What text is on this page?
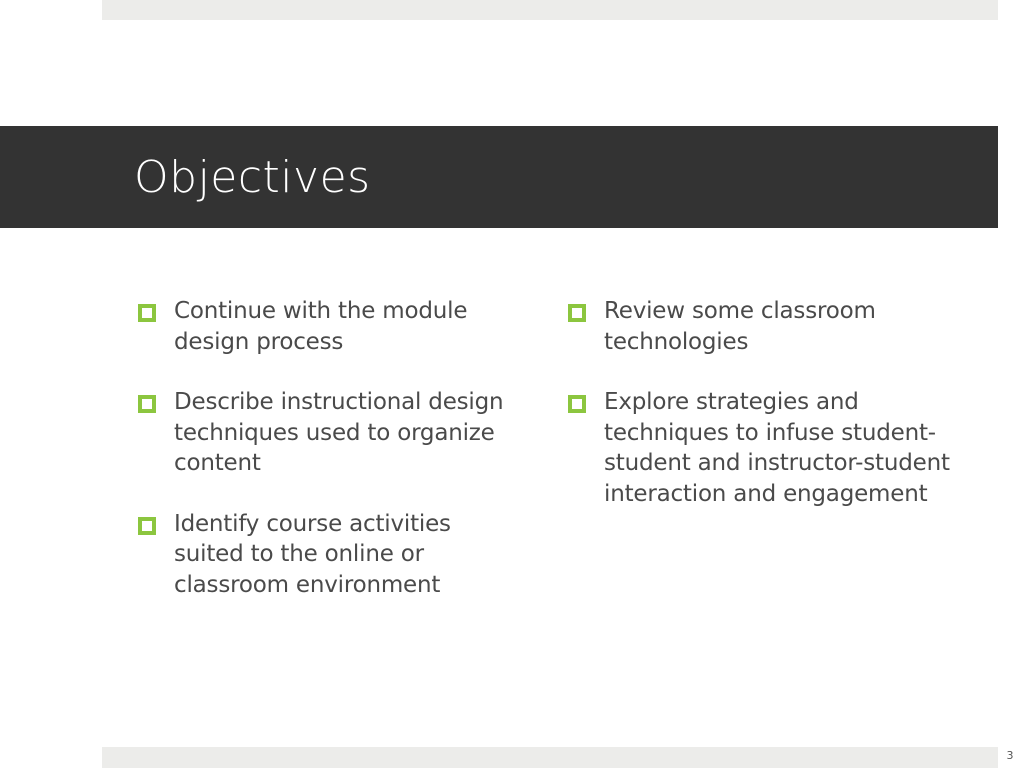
Objectives
Continue with the module design process
Describe instructional design techniques used to organize content
Identify course activities suited to the online or classroom environment
Review some classroom technologies
Explore strategies and techniques to infuse student-student and instructor-student interaction and engagement
3
